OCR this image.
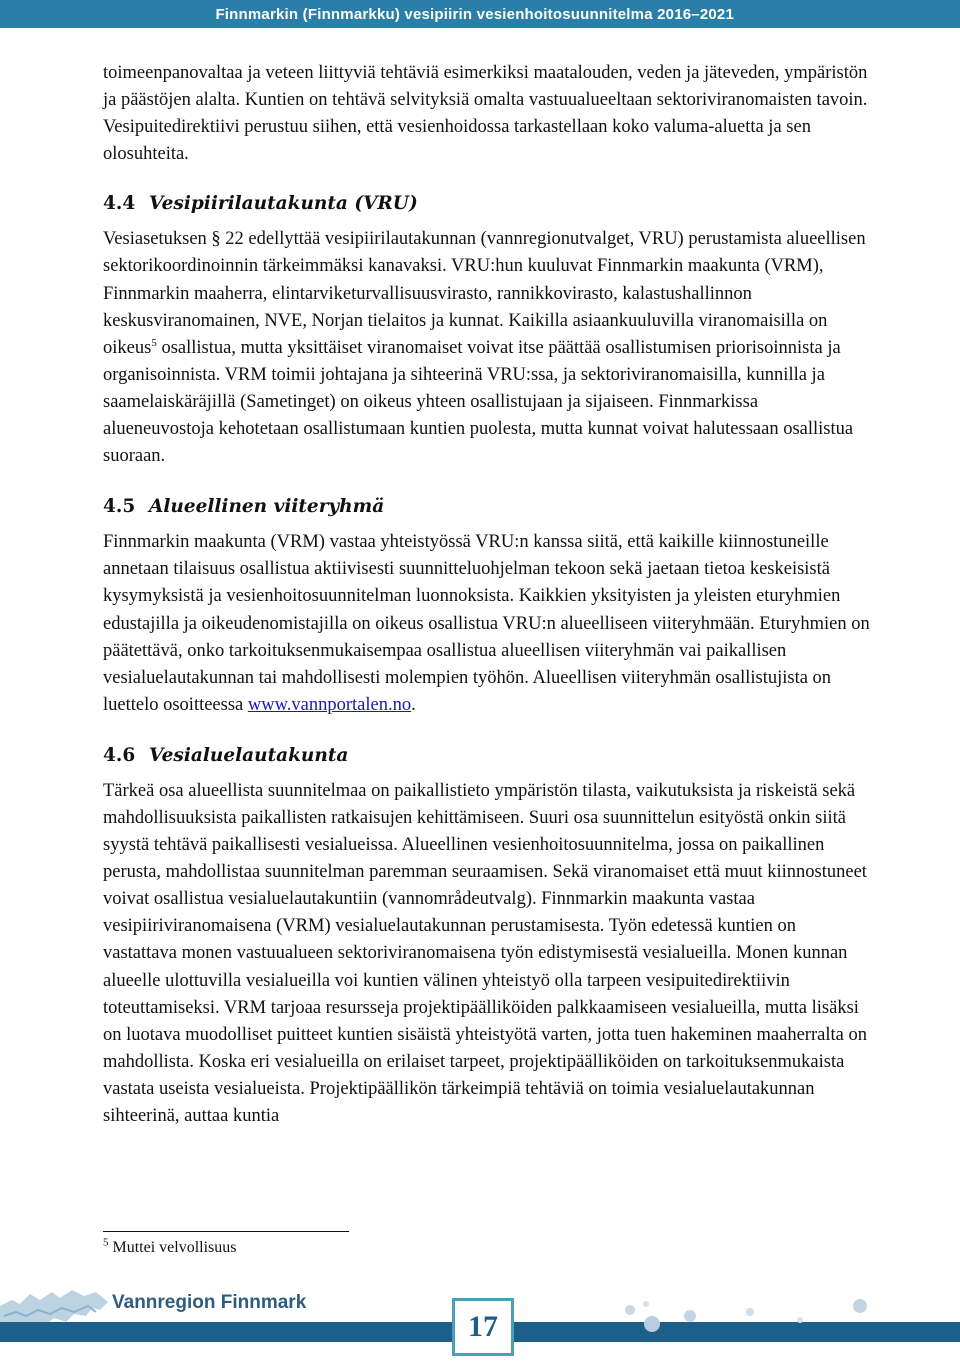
Finnmarkin (Finnmarkku) vesipiirin vesienhoitosuunnitelma 2016–2021

toimeenpanovaltaa ja veteen liittyviä tehtäviä esimerkiksi maatalouden, veden ja jäteveden, ympäristön ja päästöjen alalta. Kuntien on tehtävä selvityksiä omalta vastuualueeltaan sektoriviranomaisten tavoin. Vesipuitedirektiivi perustuu siihen, että vesienhoidossa tarkastellaan koko valuma-aluetta ja sen olosuhteita.

4.4 Vesipiirilautakunta (VRU)

Vesiasetuksen § 22 edellyttää vesipiirilautakunnan (vannregionutvalget, VRU) perustamista alueellisen sektorikoordinoinnin tärkeimmäksi kanavaksi. VRU:hun kuuluvat Finnmarkin maakunta (VRM), Finnmarkin maaherra, elintarviketurvallisuusvirasto, rannikkovirasto, kalastushallinnon keskusviranomainen, NVE, Norjan tielaitos ja kunnat. Kaikilla asiaankuuluvilla viranomaisilla on oikeus$^5$ osallistua, mutta yksittäiset viranomaiset voivat itse päättää osallistumisen priorisoinnista ja organisoinnista. VRM toimii johtajana ja sihteerinä VRU:ssa, ja sektoriviranomaisilla, kunnilla ja saamelaiskäräjillä (Sametinget) on oikeus yhteen osallistujaan ja sijaiseen. Finnmarkissa alueneuvostoja kehotetaan osallistumaan kuntien puolesta, mutta kunnat voivat halutessaan osallistua suoraan.

4.5 Alueellinen viiteryhmä

Finnmarkin maakunta (VRM) vastaa yhteistyössä VRU:n kanssa siitä, että kaikille kiinnostuneille annetaan tilaisuus osallistua aktiivisesti suunnitteluohjelman tekoon sekä jaetaan tietoa keskeisistä kysymyksistä ja vesienhoitosuunnitelman luonnoksista. Kaikkien yksityisten ja yleisten eturyhmien edustajilla ja oikeudenomistajilla on oikeus osallistua VRU:n alueelliseen viiteryhmään. Eturyhmien on päätettävä, onko tarkoituksenmukaisempaa osallistua alueellisen viiteryhmän vai paikallisen vesialuelautakunnan tai mahdollisesti molempien työhön. Alueellisen viiteryhmän osallistujista on luettelo osoitteessa www.vannportalen.no.

4.6 Vesialuelautakunta

Tärkeä osa alueellista suunnitelmaa on paikallistieto ympäristön tilasta, vaikutuksista ja riskeistä sekä mahdollisuuksista paikallisten ratkaisujen kehittämiseen. Suuri osa suunnittelun esityöstä onkin siitä syystä tehtävä paikallisesti vesialueissa. Alueellinen vesienhoitosuunnitelma, jossa on paikallinen perusta, mahdollistaa suunnitelman paremman seuraamisen. Sekä viranomaiset että muut kiinnostuneet voivat osallistua vesialuelautakuntiin (vannområdeutvalg). Finnmarkin maakunta vastaa vesipiiriviranomaisena (VRM) vesialuelautakunnan perustamisesta. Työn edetessä kuntien on vastattava monen vastuualueen sektoriviranomaisena työn edistymisestä vesialueilla. Monen kunnan alueelle ulottuvilla vesialueilla voi kuntien välinen yhteistyö olla tarpeen vesipuitedirektiivin toteuttamiseksi. VRM tarjoaa resursseja projektipäälliköiden palkkaamiseen vesialueilla, mutta lisäksi on luotava muodolliset puitteet kuntien sisäistä yhteistyötä varten, jotta tuen hakeminen maaherralta on mahdollista. Koska eri vesialueilla on erilaiset tarpeet, projektipäälliköiden on tarkoituksenmukaista vastata useista vesialueista. Projektipäällikön tärkeimpiä tehtäviä on toimia vesialuelautakunnan sihteerinä, auttaa kuntia

$^5$ Muttei velvollisuus
Vannregion Finnmark
17
